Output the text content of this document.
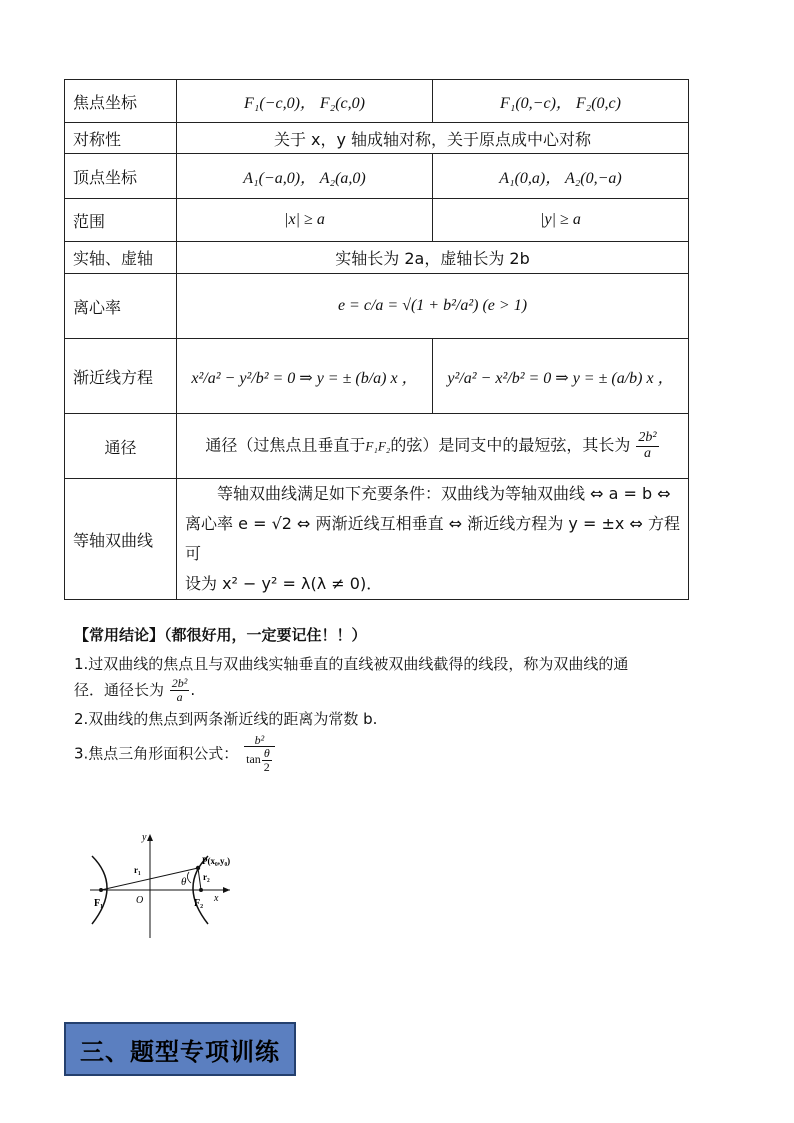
焦点坐标	F₁(−c,0)， F₂(c,0)	F₁(0,−c)， F₂(0,c)
对称性	关于 x，y 轴成轴对称，关于原点成中心对称	
顶点坐标	A₁(−a,0)， A₂(a,0)	A₁(0,a)， A₂(0,−a)
范围	|x| ≥ a	|y| ≥ a
实轴、虚轴	实轴长为 2a，虚轴长为 2b	
离心率	e = c/a = √(1 + b²/a²) (e > 1)	
渐近线方程	x²/a² − y²/b² = 0 ⇒ y = ± (b/a) x ，	y²/a² − x²/b² = 0 ⇒ y = ± (a/b) x ，
通径	通径（过焦点且垂直于F₁F₂的弦）是同支中的最短弦，其长为 $\frac{\text{2b²}}{a}$

等轴双曲线	等轴双曲线满足如下充要条件：双曲线为等轴双曲线 ⇔ a = b ⇔
离心率 e = √2 ⇔ 两渐近线互相垂直 ⇔ 渐近线方程为 y = ±x ⇔ 方程可
设为 x² − y² = λ(λ ≠ 0)．	
【常用结论】（都很好用，一定要记住！！）
1.过双曲线的焦点且与双曲线实轴垂直的直线被双曲线截得的线段，称为双曲线的通
径．通径长为 $\frac{\text{2b²}}{a}$ .
2.双曲线的焦点到两条渐近线的距离为常数 b.
3.焦点三角形面积公式： $\frac{\text{b²}}{\tan \frac{\theta}{2}}$
y
x
O
F₁	F₂
r₁
r₂
θ
P(x₀,y₀)
三、题型专项训练
